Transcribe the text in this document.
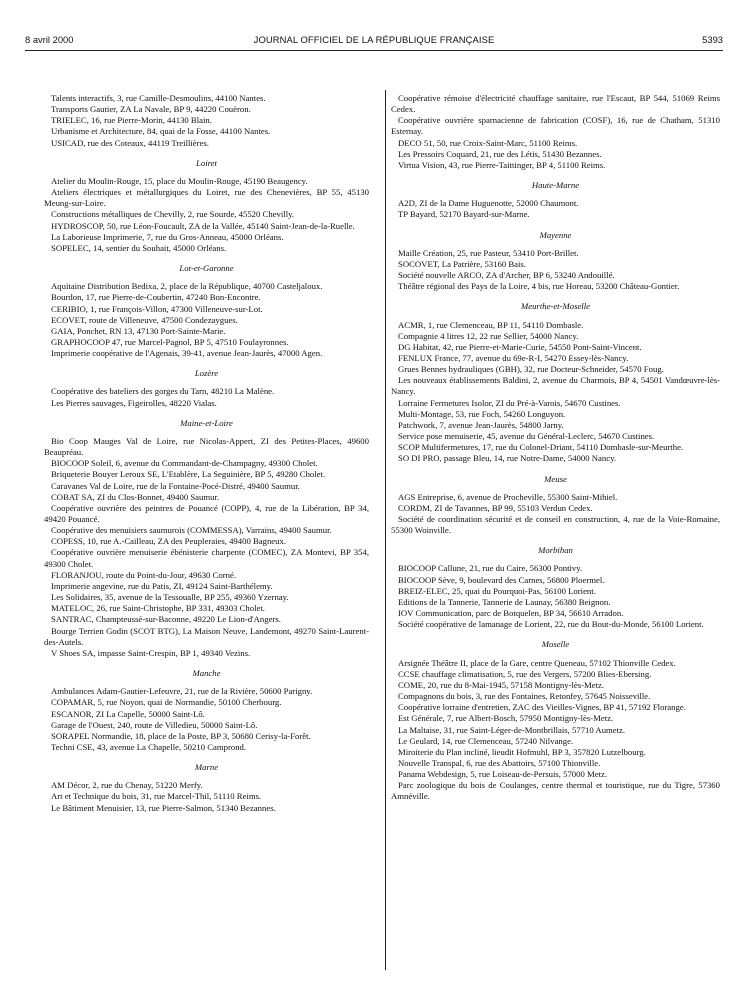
8 avril 2000	JOURNAL OFFICIEL DE LA RÉPUBLIQUE FRANÇAISE	5393

Talents interactifs, 3, rue Camille-Desmoulins, 44100 Nantes.

Transports Gautier, ZA La Navale, BP 9, 44220 Couëron.

TRIELEC, 16, rue Pierre-Morin, 44130 Blain.

Urbanisme et Architecture, 84, quai de la Fosse, 44100 Nantes.

USICAD, rue des Coteaux, 44119 Treillières.

Loiret

Atelier du Moulin-Rouge, 15, place du Moulin-Rouge, 45190 Beaugency.

Ateliers électriques et métallurgiques du Loiret, rue des Chenevières, BP 55, 45130 Meung-sur-Loire.

Constructions métalliques de Chevilly, 2, rue Sourde, 45520 Chevilly.

HYDROSCOP, 50, rue Léon-Foucault, ZA de la Vallée, 45140 Saint-Jean-de-la-Ruelle.

La Laborieuse Imprimerie, 7, rue du Gros-Anneau, 45000 Orléans.

SOPELEC, 14, sentier du Souhait, 45000 Orléans.

Lot-et-Garonne

Aquitaine Distribution Bedixa, 2, place de la République, 40700 Casteljaloux.

Bourdon, 17, rue Pierre-de-Coubertin, 47240 Bon-Encontre.

CERIBIO, 1, rue François-Villon, 47300 Villeneuve-sur-Lot.

ECOVET, route de Villeneuve, 47500 Condezaygues.

GAIA, Ponchet, RN 13, 47130 Port-Sainte-Marie.

GRAPHOCOOP 47, rue Marcel-Pagnol, BP 5, 47510 Foulayronnes.

Imprimerie coopérative de l'Agenais, 39-41, avenue Jean-Jaurès, 47000 Agen.

Lozère

Coopérative des bateliers des gorges du Tarn, 48210 La Malène.

Les Pierres sauvages, Figeirolles, 48220 Vialas.

Maine-et-Loire

Bio Coop Mauges Val de Loire, rue Nicolas-Appert, ZI des Petites-Places, 49600 Beaupréau.

BIOCOOP Soleil, 6, avenue du Commandant-de-Champagny, 49300 Cholet.

Briqueterie Bouyer Leroux SE, L'Etablère, La Seguinière, BP 5, 49280 Cholet.

Caravanes Val de Loire, rue de la Fontaine-Pocé-Distré, 49400 Saumur.

COBAT SA, ZI du Clos-Bonnet, 49400 Saumur.

Coopérative ouvrière des peintres de Pouancé (COPP), 4, rue de la Libération, BP 34, 49420 Pouancé.

Coopérative des menuisiers saumurois (COMMESSA), Varrains, 49400 Saumur.

COPESS, 10, rue A.-Cailleau, ZA des Peupleraies, 49400 Bagneux.

Coopérative ouvrière menuiserie ébénisterie charpente (COMEC), ZA Montevi, BP 354, 49300 Cholet.

FLORANJOU, route du Point-du-Jour, 49630 Corné.

Imprimerie angevine, rue du Patis, ZI, 49124 Saint-Barthélemy.

Les Solidaires, 35, avenue de la Tessoualle, BP 255, 49360 Yzernay.

MATELOC, 26, rue Saint-Christophe, BP 331, 49303 Cholet.

SANTRAC, Champteussé-sur-Baconne, 49220 Le Lion-d'Angers.

Bourge Terrien Godin (SCOT BTG), La Maison Neuve, Landemont, 49270 Saint-Laurent-des-Autels.

V Shoes SA, impasse Saint-Crespin, BP 1, 49340 Vezins.

Manche

Ambulances Adam-Gautier-Lefeuvre, 21, rue de la Rivière, 50600 Parigny.

COPAMAR, 5, rue Noyon, quai de Normandie, 50100 Cherbourg.

ESCANOR, ZI La Capelle, 50000 Saint-Lô.

Garage de l'Ouest, 240, route de Villedieu, 50000 Saint-Lô.

SORAPEL Normandie, 18, place de la Poste, BP 3, 50680 Cerisy-la-Forêt.

Techni CSE, 43, avenue La Chapelle, 50210 Camprond.

Marne

AM Décor, 2, rue du Chenay, 51220 Merfy.

Art et Technique du bois, 31, rue Marcel-Thil, 51110 Reims.

Le Bâtiment Menuisier, 13, rue Pierre-Salmon, 51340 Bezannes.

Coopérative rémoise d'électricité chauffage sanitaire, rue l'Escaut, BP 544, 51069 Reims Cedex.

Coopérative ouvrière sparnacienne de fabrication (COSF), 16, rue de Chatham, 51310 Esternay.

DECO 51, 50, rue Croix-Saint-Marc, 51100 Reims.

Les Pressoirs Coquard, 21, rue des Létis, 51430 Bezannes.

Virtua Vision, 43, rue Pierre-Taittinger, BP 4, 51100 Reims.

Haute-Marne

A2D, ZI de la Dame Huguenotte, 52000 Chaumont.

TP Bayard, 52170 Bayard-sur-Marne.

Mayenne

Maille Création, 25, rue Pasteur, 53410 Port-Brillet.

SOCOVET, La Patrière, 53160 Bais.

Société nouvelle ARCO, ZA d'Archer, BP 6, 53240 Andouillé.

Théâtre régional des Pays de la Loire, 4 bis, rue Horeau, 53200 Château-Gontier.

Meurthe-et-Moselle

ACMR, 1, rue Clemenceau, BP 11, 54110 Dombasle.

Compagnie 4 litres 12, 22 rue Sellier, 54000 Nancy.

DG Habitat, 42, rue Pierre-et-Marie-Curie, 54550 Pont-Saint-Vincent.

FENLUX France, 77, avenue du 69e-R-I, 54270 Essey-lès-Nancy.

Grues Bennes hydrauliques (GBH), 32, rue Docteur-Schneider, 54570 Foug.

Les nouveaux établissements Baldini, 2, avenue du Charmois, BP 4, 54501 Vandœuvre-lès-Nancy.

Lorraine Fermetures Isolor, ZI du Pré-à-Varois, 54670 Custines.

Multi-Montage, 53, rue Foch, 54260 Longuyon.

Patchwork, 7, avenue Jean-Jaurès, 54800 Jarny.

Service pose menuiserie, 45, avenue du Général-Leclerc, 54670 Custines.

SCOP Multifermetures, 17, rue du Colonel-Driant, 54110 Dombasle-sur-Meurthe.

SO DI PRO, passage Bleu, 14, rue Notre-Dame, 54000 Nancy.

Meuse

AGS Entreprise, 6, avenue de Procheville, 55300 Saint-Mihiel.

CORDM, ZI de Tavannes, BP 99, 55103 Verdun Cedex.

Société de coordination sécurité et de conseil en construction, 4, rue de la Voie-Romaine, 55300 Woinville.

Morbihan

BIOCOOP Callune, 21, rue du Caire, 56300 Pontivy.

BIOCOOP Sève, 9, boulevard des Carnes, 56800 Ploermel.

BREIZ-ELEC, 25, quai du Pourquoi-Pas, 56100 Lorient.

Editions de la Tannerie, Tannerie de Launay, 56380 Beignon.

IOV Communication, parc de Botquelen, BP 34, 56610 Arradon.

Société coopérative de lamanage de Lorient, 22, rue du Bout-du-Monde, 56100 Lorient.

Moselle

Arsignée Théâtre II, place de la Gare, centre Queneau, 57102 Thionville Cedex.

CCSE chauffage climatisation, 5, rue des Vergers, 57200 Blies-Ebersing.

COME, 20, rue du 8-Mai-1945, 57158 Montigny-lès-Metz.

Compagnons du bois, 3, rue des Fontaines, Retonfey, 57645 Noisseville.

Coopérative lorraine d'entretien, ZAC des Vieilles-Vignes, BP 41, 57192 Florange.

Est Générale, 7, rue Albert-Bosch, 57950 Montigny-lès-Metz.

La Maltaise, 31, rue Saint-Léger-de-Montbrillais, 57710 Aumetz.

Le Geulard, 14, rue Clemenceau, 57240 Nilvange.

Miroiterie du Plan incliné, lieudit Hofmuhl, BP 3, 357820 Lutzelbourg.

Nouvelle Transpal, 6, rue des Abattoirs, 57100 Thionville.

Panama Webdesign, 5, rue Loiseau-de-Persuis, 57000 Metz.

Parc zoologique du bois de Coulanges, centre thermal et touristique, rue du Tigre, 57360 Amnéville.
